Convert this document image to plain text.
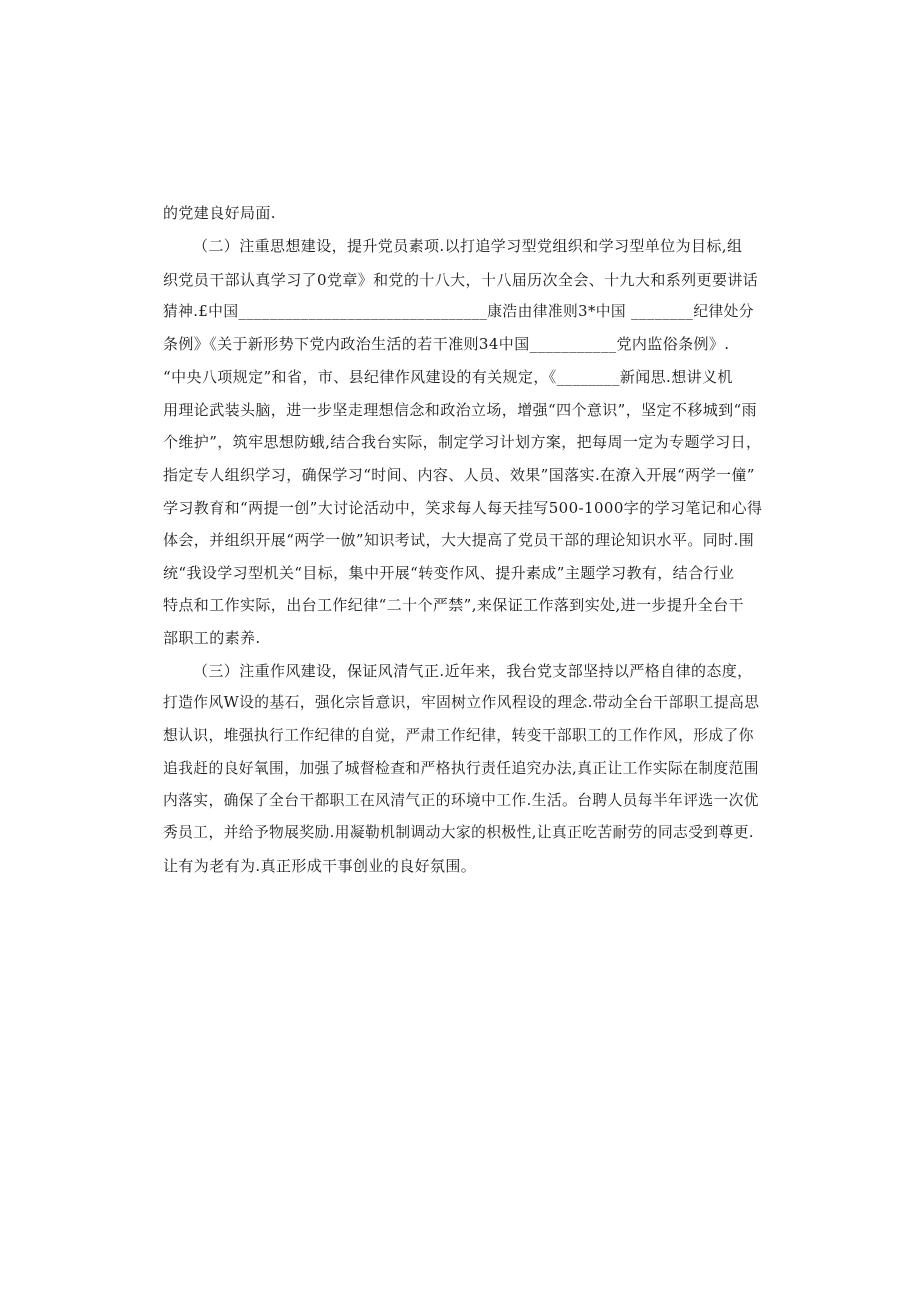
的党建良好局面.
（二）注重思想建设，提升党员素项.以打追学习型党组织和学习型单位为目标,组
织党员干部认真学习了0党章》和党的十八大，十八届历次全会、十九大和系列更要讲话
猜神.£中国________________________________康浩由律准则3*中国 ________纪律处分
条例》《关于新形势下党内政治生活的若干准则34中国___________党内监俗条例》.
“中央八项规定”和省，市、县纪律作风建设的有关规定，《________新闻思.想讲义机
用理论武装头脑，进一步坚走理想信念和政治立场，增强“四个意识”，坚定不移城到“雨
个维护”，筑牢思想防蛾,结合我台实际，制定学习计划方案，把每周一定为专题学习日，
指定专人组织学习，确保学习“时间、内容、人员、效果”国落实.在潦入开展“两学一僮”
学习教育和“两提一创”大讨论活动中，笑求每人每天挂写500-1000字的学习笔记和心得
体会，并组织开展“两学一倣”知识考试，大大提高了党员干部的理论知识水平。同时.围
统“我设学习型机关“目标，集中开展“转变作风、提升素成”主题学习教有，结合行业
特点和工作实际，出台工作纪律“二十个严禁”,来保证工作落到实处,进一步提升全台干
部职工的素养.
（三）注重作风建设，保证风清气正.近年来，我台党支部坚持以严格自律的态度，
打造作风W设的基石，强化宗旨意识，牢固树立作风程设的理念.带动全台干部职工提高思
想认识，堆强执行工作纪律的自觉，严肃工作纪律，转变干部职工的工作作风，形成了你
追我赶的良好氧围，加强了城督检查和严格执行责任追究办法,真正让工作实际在制度范围
内落实，确保了全台干都职工在风清气正的环境中工作.生活。台聘人员每半年评选一次优
秀员工，并给予物展奖励.用凝勒机制调动大家的枳极性,让真正吃苦耐劳的同志受到尊更.
让有为老有为.真正形成干事创业的良好氛围。
